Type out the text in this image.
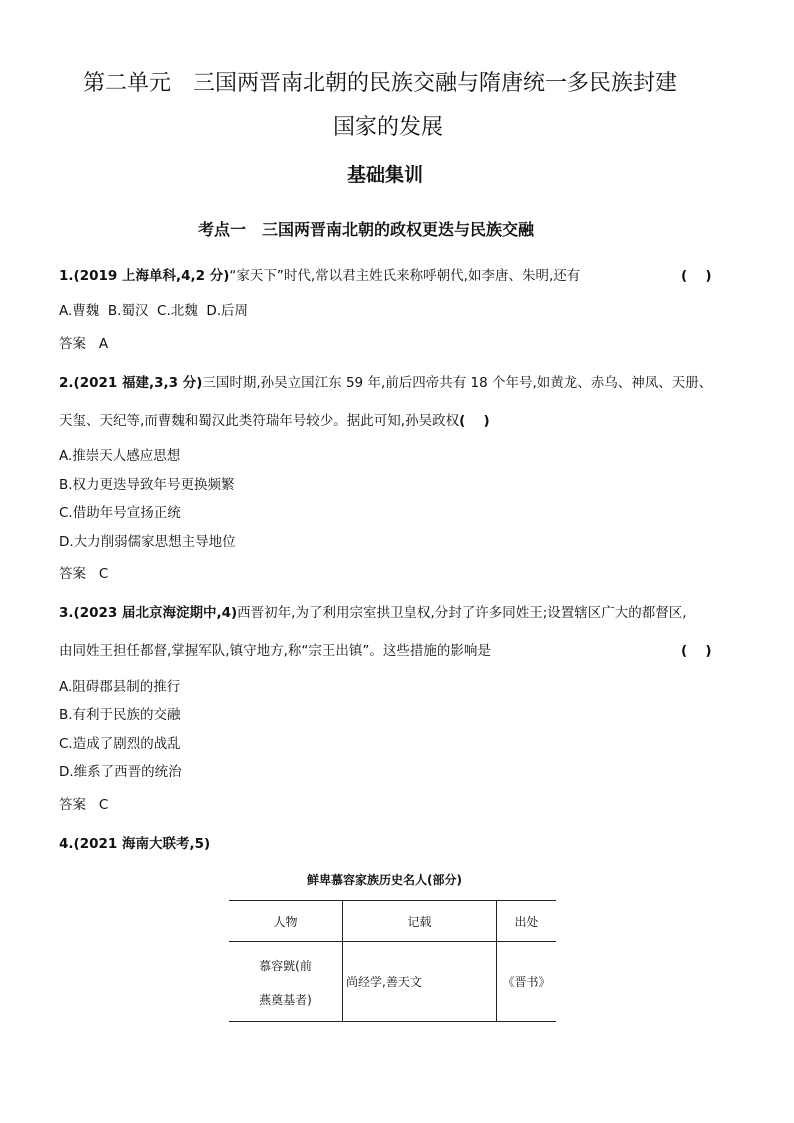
第二单元　三国两晋南北朝的民族交融与隋唐统一多民族封建
国家的发展
基础集训
考点一　三国两晋南北朝的政权更迭与民族交融
1.(2019 上海单科,4,2 分)“家天下”时代,常以君主姓氏来称呼朝代,如李唐、朱明,还有	(　 )
A.曹魏 B.蜀汉 C.北魏 D.后周
答案 A
2.(2021 福建,3,3 分)三国时期,孙吴立国江东 59 年,前后四帝共有 18 个年号,如黄龙、赤乌、神凤、天册、
天玺、天纪等,而曹魏和蜀汉此类符瑞年号较少。据此可知,孙吴政权(　 )
A.推崇天人感应思想
B.权力更迭导致年号更换频繁
C.借助年号宣扬正统
D.大力削弱儒家思想主导地位
答案 C
3.(2023 届北京海淀期中,4)西晋初年,为了利用宗室拱卫皇权,分封了许多同姓王;设置辖区广大的都督区,
由同姓王担任都督,掌握军队,镇守地方,称“宗王出镇”。这些措施的影响是	(　 )
A.阻碍郡县制的推行
B.有利于民族的交融
C.造成了剧烈的战乱
D.维系了西晋的统治
答案 C
4.(2021 海南大联考,5)
鲜卑慕容家族历史名人(部分)
人物	记载	出处

慕容皝(前
燕奠基者)	尚经学,善天文	《晋书》
